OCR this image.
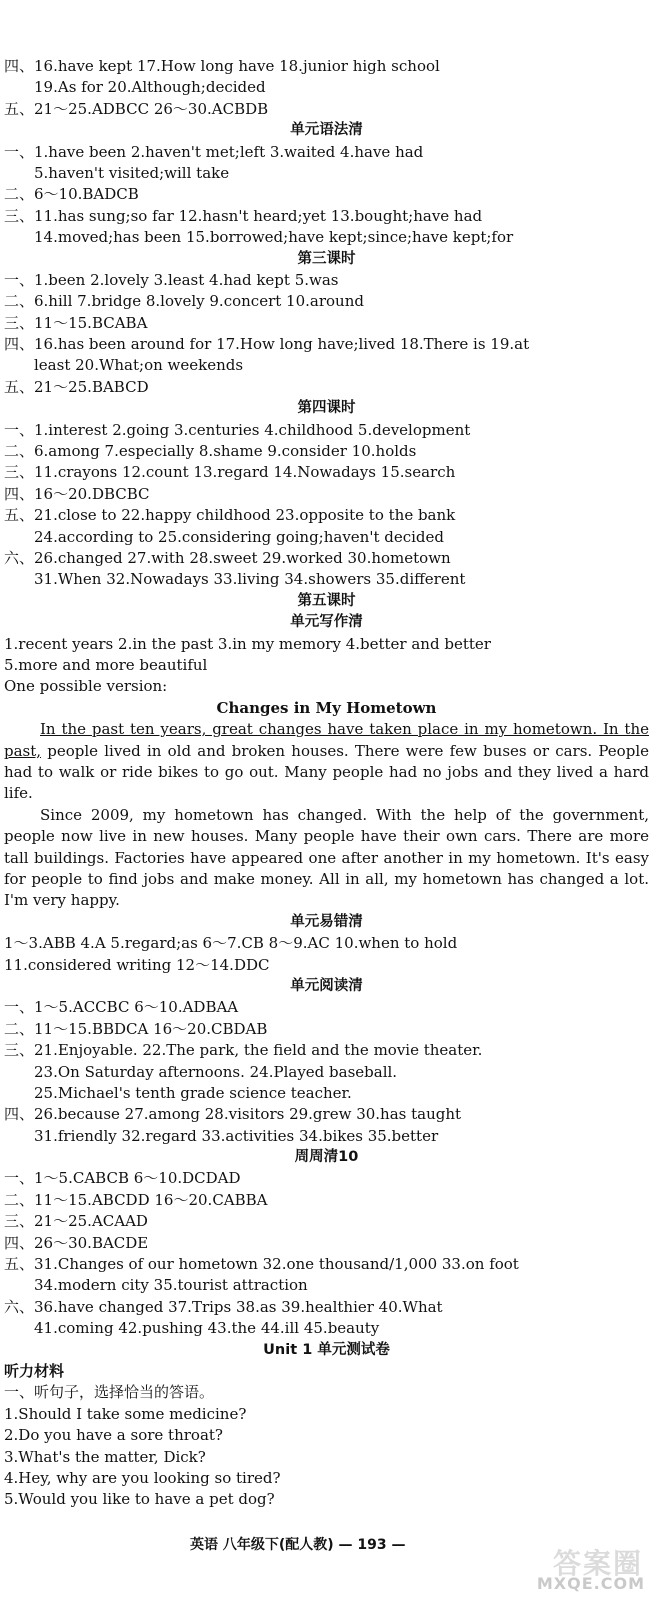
四、16.have kept 17.How long have 18.junior high school
19.As for 20.Although;decided
五、21～25.ADBCC 26～30.ACBDB
单元语法清
一、1.have been 2.haven't met;left 3.waited 4.have had
5.haven't visited;will take
二、6～10.BADCB
三、11.has sung;so far 12.hasn't heard;yet 13.bought;have had
14.moved;has been 15.borrowed;have kept;since;have kept;for
第三课时
一、1.been 2.lovely 3.least 4.had kept 5.was
二、6.hill 7.bridge 8.lovely 9.concert 10.around
三、11～15.BCABA
四、16.has been around for 17.How long have;lived 18.There is 19.at
least 20.What;on weekends
五、21～25.BABCD
第四课时
一、1.interest 2.going 3.centuries 4.childhood 5.development
二、6.among 7.especially 8.shame 9.consider 10.holds
三、11.crayons 12.count 13.regard 14.Nowadays 15.search
四、16～20.DBCBC
五、21.close to 22.happy childhood 23.opposite to the bank
24.according to 25.considering going;haven't decided
六、26.changed 27.with 28.sweet 29.worked 30.hometown
31.When 32.Nowadays 33.living 34.showers 35.different
第五课时
单元写作清
1.recent years 2.in the past 3.in my memory 4.better and better
5.more and more beautiful
One possible version:
Changes in My Hometown

In the past ten years, great changes have taken place in my hometown. In the past, people lived in old and broken houses. There were few buses or cars. People had to walk or ride bikes to go out. Many people had no jobs and they lived a hard life.

Since 2009, my hometown has changed. With the help of the government, people now live in new houses. Many people have their own cars. There are more tall buildings. Factories have appeared one after another in my hometown. It's easy for people to find jobs and make money. All in all, my hometown has changed a lot. I'm very happy.

单元易错清
1～3.ABB 4.A 5.regard;as 6～7.CB 8～9.AC 10.when to hold
11.considered writing 12～14.DDC
单元阅读清
一、1～5.ACCBC 6～10.ADBAA
二、11～15.BBDCA 16～20.CBDAB
三、21.Enjoyable. 22.The park, the field and the movie theater.
23.On Saturday afternoons. 24.Played baseball.
25.Michael's tenth grade science teacher.
四、26.because 27.among 28.visitors 29.grew 30.has taught
31.friendly 32.regard 33.activities 34.bikes 35.better
周周清10
一、1～5.CABCB 6～10.DCDAD
二、11～15.ABCDD 16～20.CABBA
三、21～25.ACAAD
四、26～30.BACDE
五、31.Changes of our hometown 32.one thousand/1,000 33.on foot
34.modern city 35.tourist attraction
六、36.have changed 37.Trips 38.as 39.healthier 40.What
41.coming 42.pushing 43.the 44.ill 45.beauty
Unit 1 单元测试卷
听力材料
一、听句子，选择恰当的答语。
1.Should I take some medicine?
2.Do you have a sore throat?
3.What's the matter, Dick?
4.Hey, why are you looking so tired?
5.Would you like to have a pet dog?
英语 八年级下(配人教) — 193 —
答案圈
MXQE.COM
